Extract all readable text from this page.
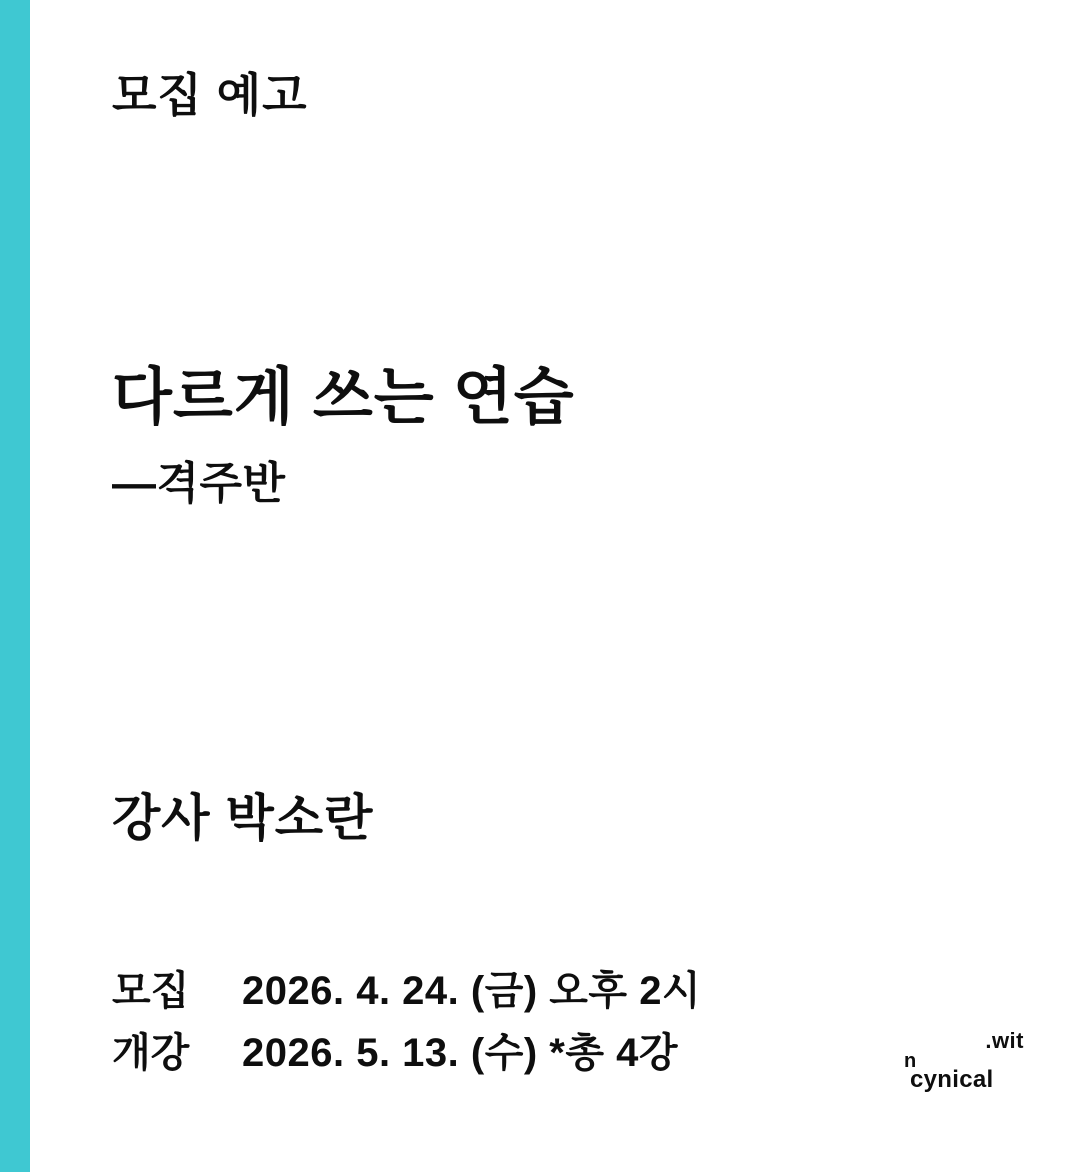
모집 예고
다르게 쓰는 연습
—격주반
강사 박소란
모집	2026. 4. 24. (금) 오후 2시
개강	2026. 5. 13. (수) *총 4강	.wit
n
cynical
